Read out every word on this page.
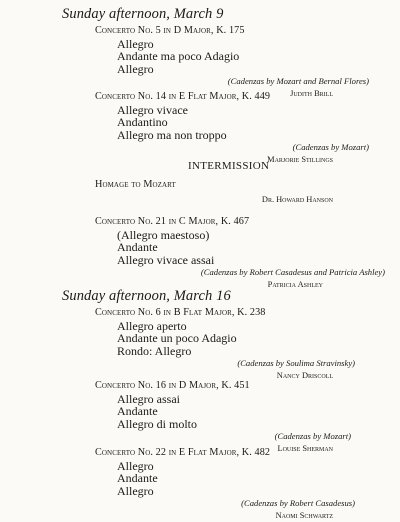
Sunday afternoon, March 9
Concerto No. 5 in D Major, K. 175
Allegro
Andante ma poco Adagio
Allegro
(Cadenzas by Mozart and Bernal Flores)
Judith Brill
Concerto No. 14 in E Flat Major, K. 449
Allegro vivace
Andantino
Allegro ma non troppo
(Cadenzas by Mozart)
Marjorie Stillings
INTERMISSION
Homage to Mozart
Dr. Howard Hanson
Concerto No. 21 in C Major, K. 467
(Allegro maestoso)
Andante
Allegro vivace assai
(Cadenzas by Robert Casadesus and Patricia Ashley)
Patricia Ashley
Sunday afternoon, March 16
Concerto No. 6 in B Flat Major, K. 238
Allegro aperto
Andante un poco Adagio
Rondo: Allegro
(Cadenzas by Soulima Stravinsky)
Nancy Driscoll
Concerto No. 16 in D Major, K. 451
Allegro assai
Andante
Allegro di molto
(Cadenzas by Mozart)
Louise Sherman
Concerto No. 22 in E Flat Major, K. 482
Allegro
Andante
Allegro
(Cadenzas by Robert Casadesus)
Naomi Schwartz
